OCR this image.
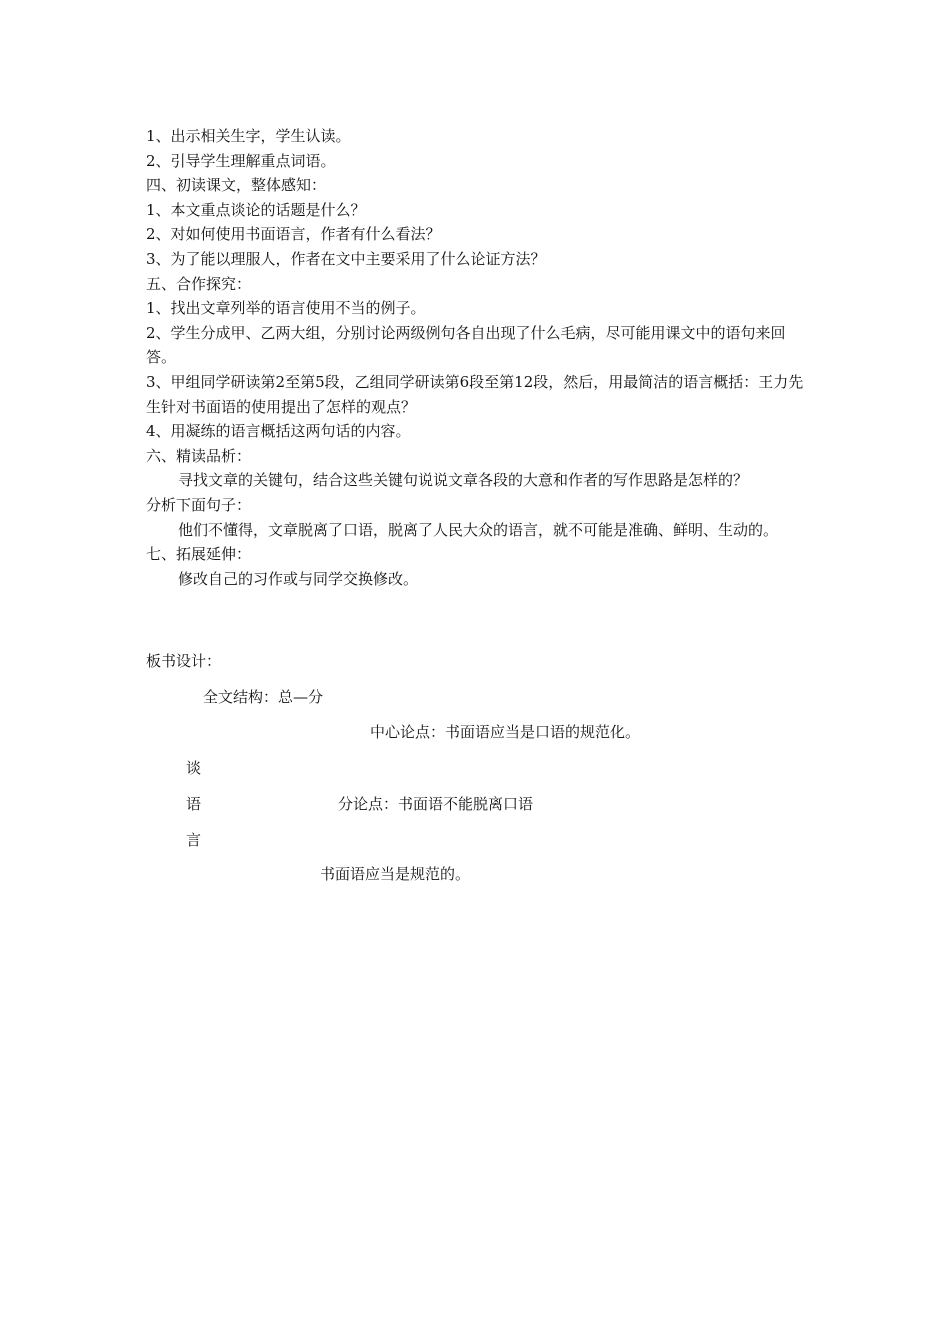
1、出示相关生字，学生认读。
2、引导学生理解重点词语。
四、初读课文，整体感知：
1、本文重点谈论的话题是什么？
2、对如何使用书面语言，作者有什么看法？
3、为了能以理服人，作者在文中主要采用了什么论证方法？
五、合作探究：
1、找出文章列举的语言使用不当的例子。
2、学生分成甲、乙两大组，分别讨论两级例句各自出现了什么毛病，尽可能用课文中的语句来回答。
3、甲组同学研读第2至第5段，乙组同学研读第6段至第12段，然后，用最简洁的语言概括：王力先生针对书面语的使用提出了怎样的观点？
4、用凝练的语言概括这两句话的内容。
六、精读品析：
寻找文章的关键句，结合这些关键句说说文章各段的大意和作者的写作思路是怎样的？
分析下面句子：
他们不懂得，文章脱离了口语，脱离了人民大众的语言，就不可能是准确、鲜明、生动的。
七、拓展延伸：
修改自己的习作或与同学交换修改。
板书设计：
全文结构：总—分
中心论点：书面语应当是口语的规范化。
谈
语	分论点：书面语不能脱离口语
言
书面语应当是规范的。
